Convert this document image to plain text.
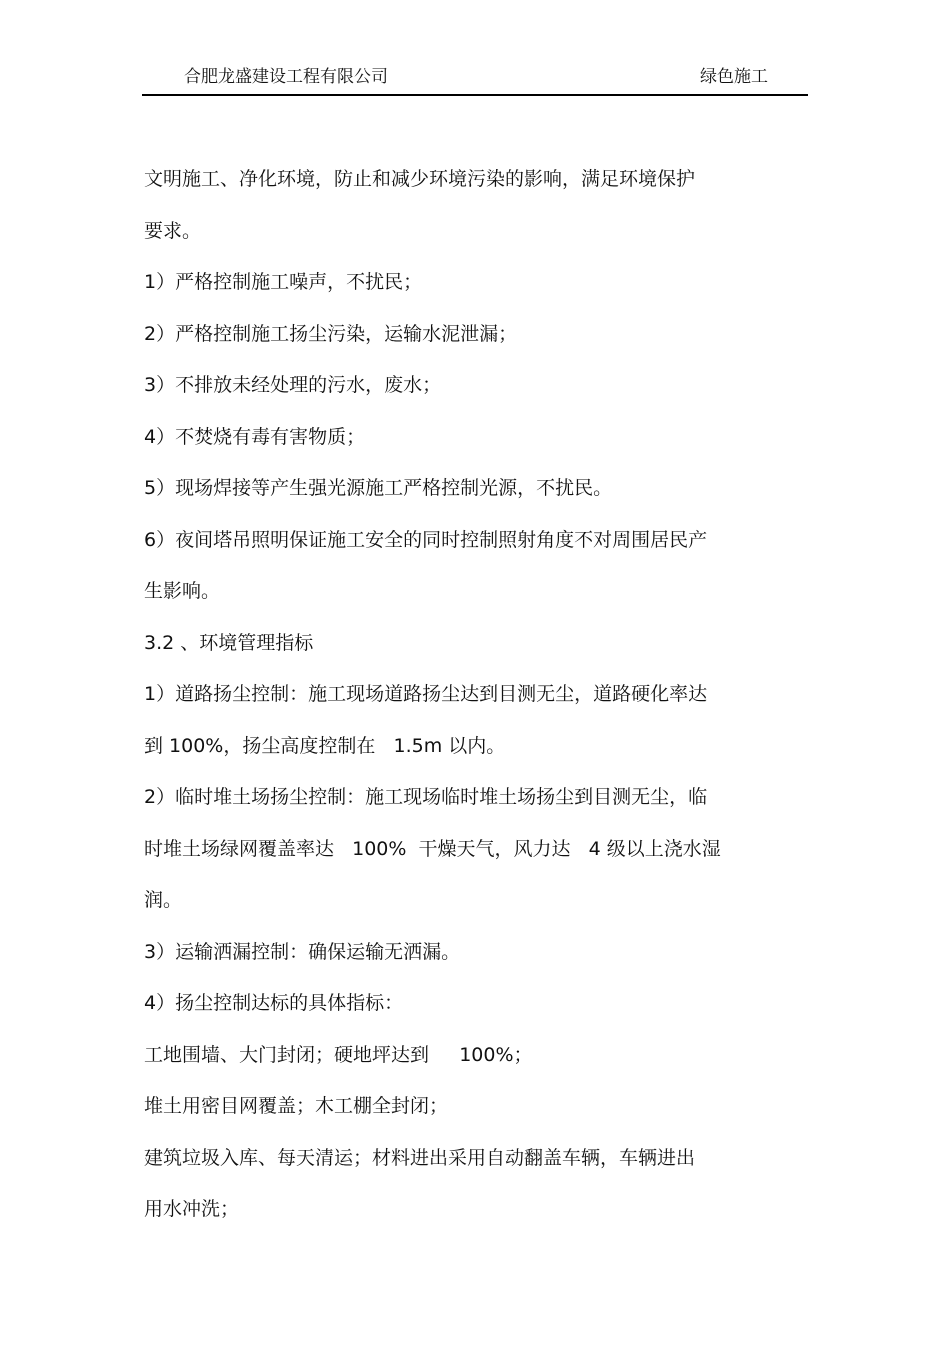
合肥龙盛建设工程有限公司	绿色施工
文明施工、净化环境，防止和减少环境污染的影响，满足环境保护
要求。
1）严格控制施工噪声，不扰民；
2）严格控制施工扬尘污染，运输水泥泄漏；
3）不排放未经处理的污水，废水；
4）不焚烧有毒有害物质；
5）现场焊接等产生强光源施工严格控制光源，不扰民。
6）夜间塔吊照明保证施工安全的同时控制照射角度不对周围居民产
生影响。
3.2 、环境管理指标
1）道路扬尘控制：施工现场道路扬尘达到目测无尘，道路硬化率达
到 100%，扬尘高度控制在   1.5m 以内。
2）临时堆土场扬尘控制：施工现场临时堆土场扬尘到目测无尘，临
时堆土场绿网覆盖率达   100%  干燥天气，风力达   4 级以上浇水湿
润。
3）运输洒漏控制：确保运输无洒漏。
4）扬尘控制达标的具体指标：
工地围墙、大门封闭；硬地坪达到     100%；
堆土用密目网覆盖；木工棚全封闭；
建筑垃圾入库、每天清运；材料进出采用自动翻盖车辆，车辆进出
用水冲洗；
